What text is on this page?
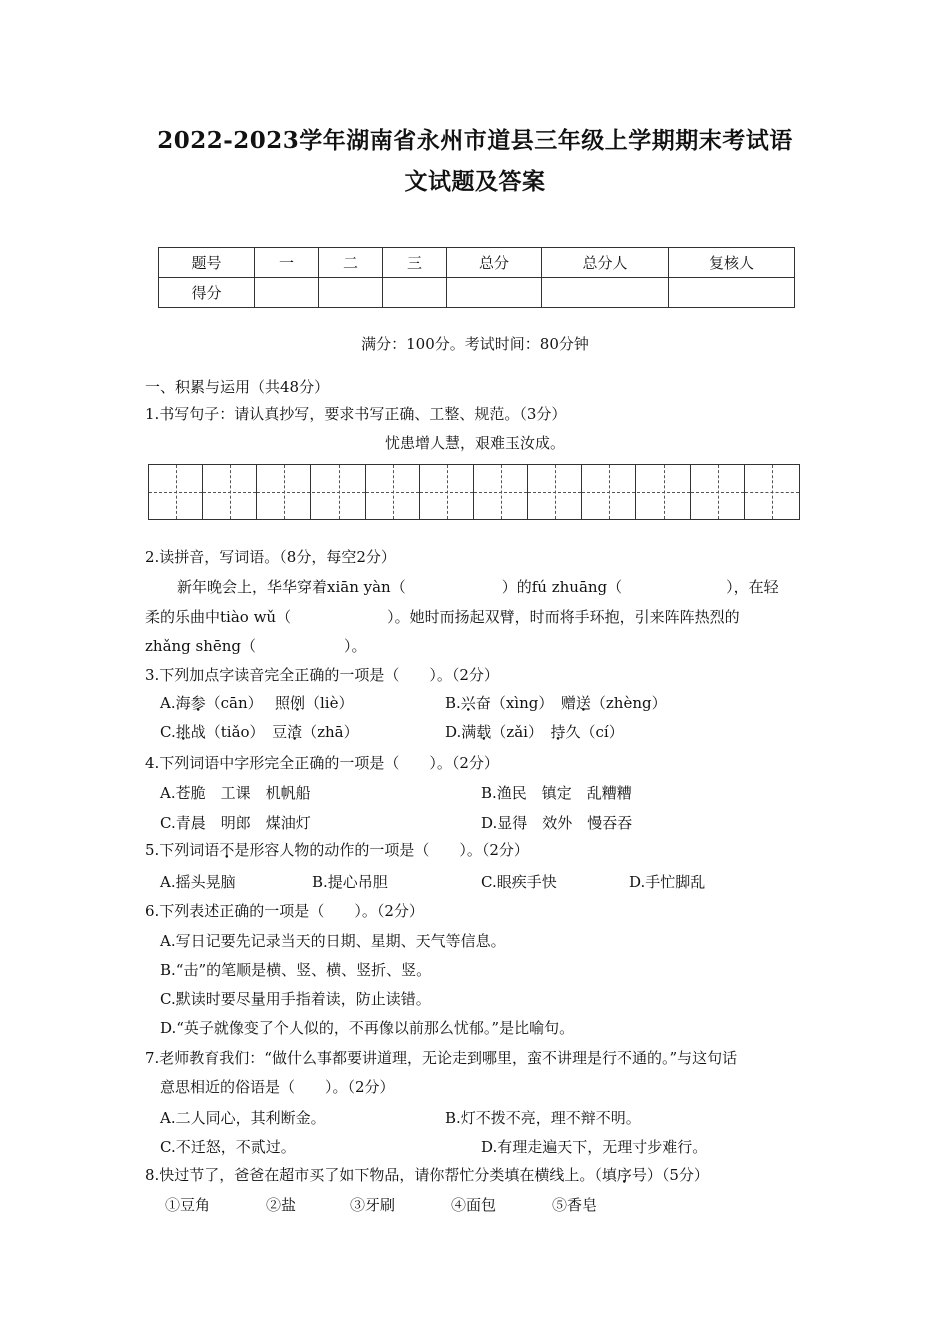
2022-2023学年湖南省永州市道县三年级上学期期末考试语
文试题及答案
题号	一	二	三	总分	总分人	复核人
得分						
满分：100分。考试时间：80分钟
一、积累与运用（共48分）
1.书写句子：请认真抄写，要求书写正确、工整、规范。（3分）
忧患增人慧，艰难玉汝成。
2.读拼音，写词语。（8分，每空2分）
新年晚会上，华华穿着xiān yàn（	）的fú zhuāng（	），在轻
柔的乐曲中tiào wǔ（	）。她时而扬起双臂，时而将手环抱，引来阵阵热烈的
zhǎng shēng（	）。
3.下列加点字读音完全正确的一项是（　　）。（2分）
A.海参（cān）　 照例（liè）	B.兴奋（xìng）　 赠送（zhèng）
C.挑战（tiǎo）　 豆渣（zhā）	D.满载（zǎi）　 持久（cí）
4.下列词语中字形完全正确的一项是（　　）。（2分）
A.苍脆　工课　机帆船	B.渔民　镇定　乱糟糟
C.青晨　明郎　煤油灯	D.显得　效外　慢吞吞
5.下列词语不是形容人物的动作的一项是（　　）。（2分）
A.摇头晃脑	B.提心吊胆	C.眼疾手快	D.手忙脚乱
6.下列表述正确的一项是（　　）。（2分）
A.写日记要先记录当天的日期、星期、天气等信息。
B.“击”的笔顺是横、竖、横、竖折、竖。
C.默读时要尽量用手指着读，防止读错。
D.“英子就像变了个人似的，不再像以前那么忧郁。”是比喻句。
7.老师教育我们：“做什么事都要讲道理，无论走到哪里，蛮不讲理是行不通的。”与这句话
意思相近的俗语是（　　）。（2分）
A.二人同心，其利断金。	B.灯不拨不亮，理不辩不明。
C.不迁怒，不贰过。	D.有理走遍天下，无理寸步难行。
8.快过节了，爸爸在超市买了如下物品，请你帮忙分类填在横线上。（填序号）（5分）
①豆角	②盐	③牙刷	④面包	⑤香皂
